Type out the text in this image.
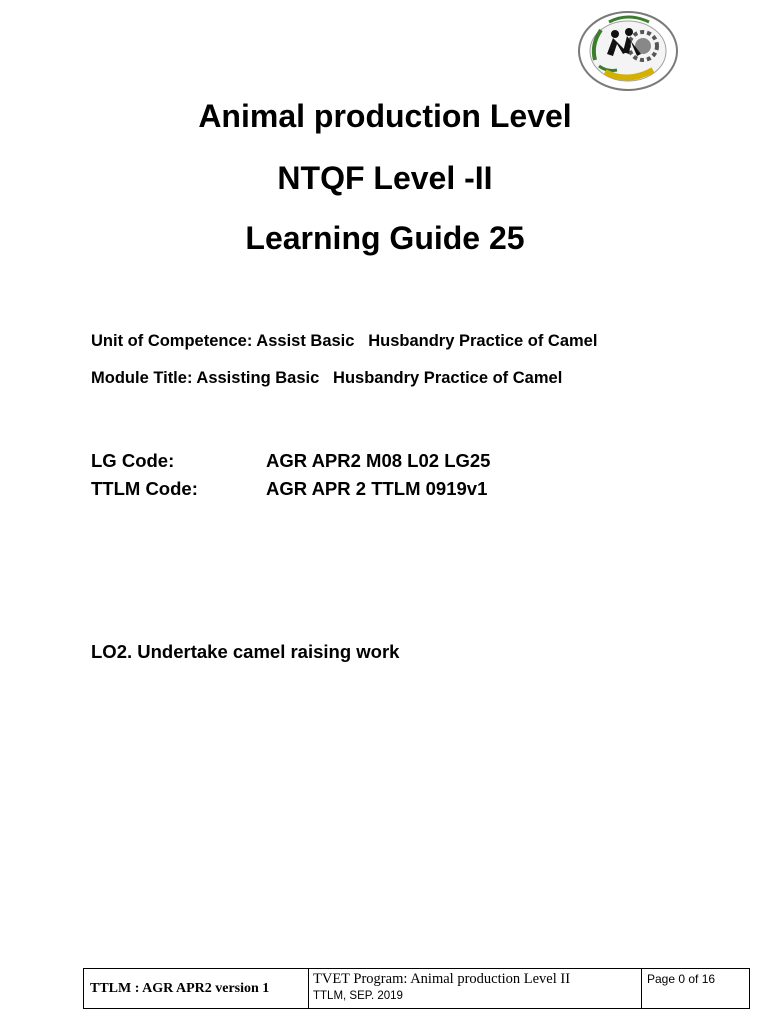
Animal production Level
NTQF Level -II
Learning Guide 25
Unit of Competence: Assist Basic   Husbandry Practice of Camel
Module Title: Assisting Basic   Husbandry Practice of Camel
LG Code:	AGR APR2 M08 L02 LG25
TTLM Code:	AGR APR 2 TTLM 0919v1
LO2. Undertake camel raising work
TTLM : AGR APR2 version 1	
TVET Program: Animal production Level II
TTLM, SEP. 2019
	Page 0 of 16
